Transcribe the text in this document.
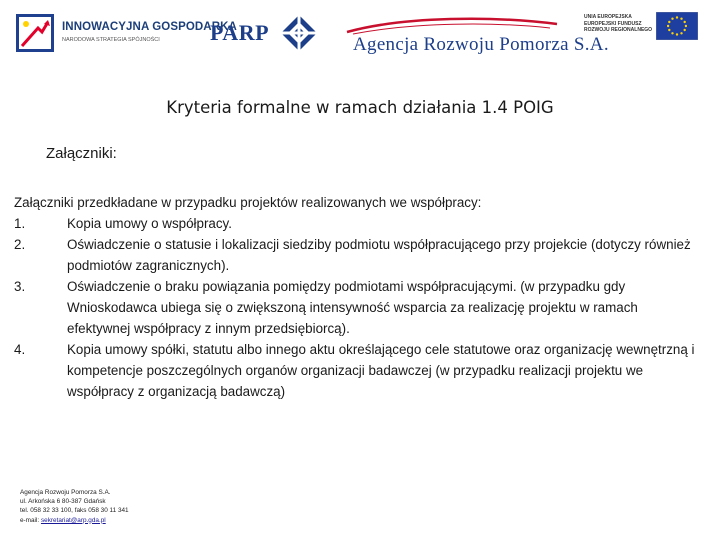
INNOWACYJNA GOSPODARKA
NARODOWA STRATEGIA SPÓJNOŚCI PARP	Agencja Rozwoju Pomorza S.A.
UNIA EUROPEJSKA
EUROPEJSKI FUNDUSZ
ROZWOJU REGIONALNEGO
Kryteria formalne w ramach działania 1.4 POIG
Załączniki:

Załączniki przedkładane w przypadku projektów realizowanych we współpracy:

1.	Kopia umowy o współpracy.
2.	Oświadczenie o statusie i lokalizacji siedziby podmiotu współpracującego przy projekcie (dotyczy również podmiotów zagranicznych).
3.	Oświadczenie o braku powiązania pomiędzy podmiotami współpracującymi. (w przypadku gdy Wnioskodawca ubiega się o zwiększoną intensywność wsparcia za realizację projektu w ramach efektywnej współpracy z innym przedsiębiorcą).
4.	Kopia umowy spółki, statutu albo innego aktu określającego cele statutowe oraz organizację wewnętrzną i kompetencje poszczególnych organów organizacji badawczej (w przypadku realizacji projektu we współpracy z organizacją badawczą)
Agencja Rozwoju Pomorza S.A.
ul. Arkońska 6 80-387 Gdańsk
tel. 058 32 33 100, faks 058 30 11 341
e-mail: sekretariat@arp.gda.pl
